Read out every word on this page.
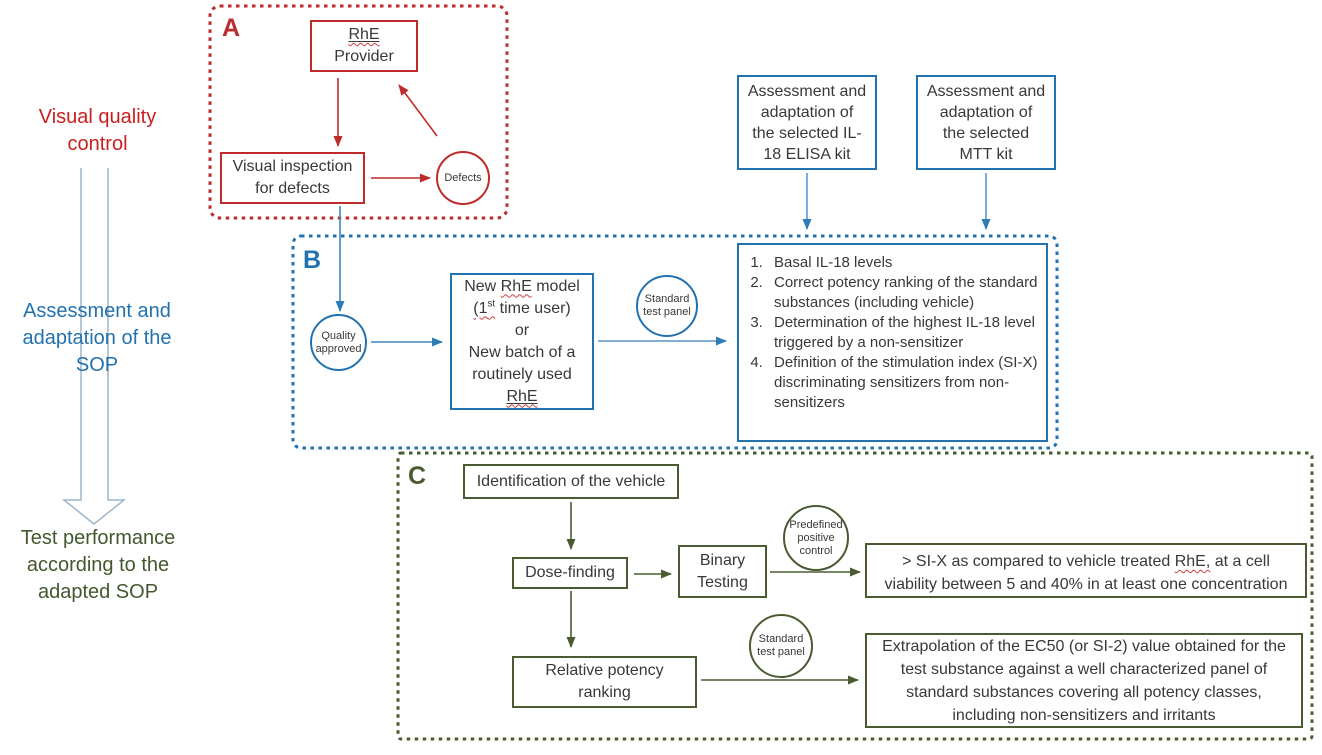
Visual quality
control
Assessment and
adaptation of the
SOP
Test performance
according to the
adapted SOP
A	RhE
Provider
Visual inspection
for defects
Defects
Assessment and
adaptation of
the selected IL-
18 ELISA kit
Assessment and
adaptation of
the selected
MTT kit
B
Quality
approved
New RhE model
(1st time user)
or
New batch of a
routinely used
RhE
Standard
test panel
1. Basal IL-18 levels
2. Correct potency ranking of the standard substances (including vehicle)
3. Determination of the highest IL-18 level triggered by a non-sensitizer
4. Definition of the stimulation index (SI-X) discriminating sensitizers from non-sensitizers
C	Identification of the vehicle
Dose-finding
Binary
Testing
Predefined
positive
control
> SI-X as compared to vehicle treated RhE, at a cell viability between 5 and 40% in at least one concentration
Relative potency
ranking
Standard
test panel	Extrapolation of the EC50 (or SI-2) value obtained for the test substance against a well characterized panel of standard substances covering all potency classes, including non-sensitizers and irritants
